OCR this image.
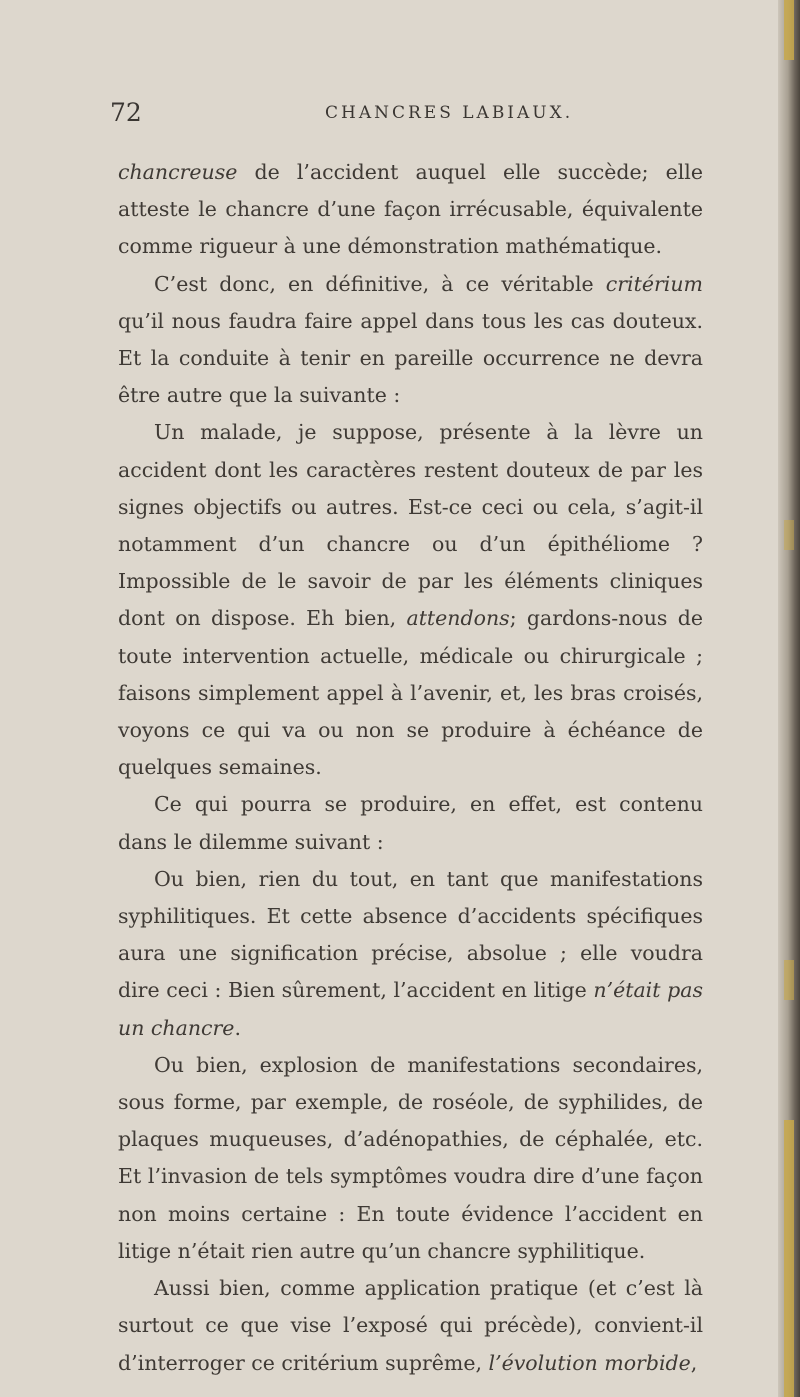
72	CHANCRES LABIAUX.

chancreuse de l’accident auquel elle succède; elle atteste le chancre d’une façon irrécusable, équivalente comme rigueur à une démonstration mathématique.

C’est donc, en définitive, à ce véritable critérium qu’il nous faudra faire appel dans tous les cas douteux. Et la conduite à tenir en pareille occurrence ne devra être autre que la suivante :

Un malade, je suppose, présente à la lèvre un accident dont les caractères restent douteux de par les signes objectifs ou autres. Est-ce ceci ou cela, s’agit-il notamment d’un chancre ou d’un épithéliome ? Impossible de le savoir de par les éléments cliniques dont on dispose. Eh bien, attendons; gardons-nous de toute intervention actuelle, médicale ou chirurgicale ; faisons simplement appel à l’avenir, et, les bras croisés, voyons ce qui va ou non se produire à échéance de quelques semaines.

Ce qui pourra se produire, en effet, est contenu dans le dilemme suivant :

Ou bien, rien du tout, en tant que manifestations syphilitiques. Et cette absence d’accidents spécifiques aura une signification précise, absolue ; elle voudra dire ceci : Bien sûrement, l’accident en litige n’était pas un chancre.

Ou bien, explosion de manifestations secondaires, sous forme, par exemple, de roséole, de syphilides, de plaques muqueuses, d’adénopathies, de céphalée, etc. Et l’invasion de tels symptômes voudra dire d’une façon non moins certaine : En toute évidence l’accident en litige n’était rien autre qu’un chancre syphilitique.

Aussi bien, comme application pratique (et c’est là surtout ce que vise l’exposé qui précède), convient-il d’interroger ce critérium suprême, l’évolution morbide,
